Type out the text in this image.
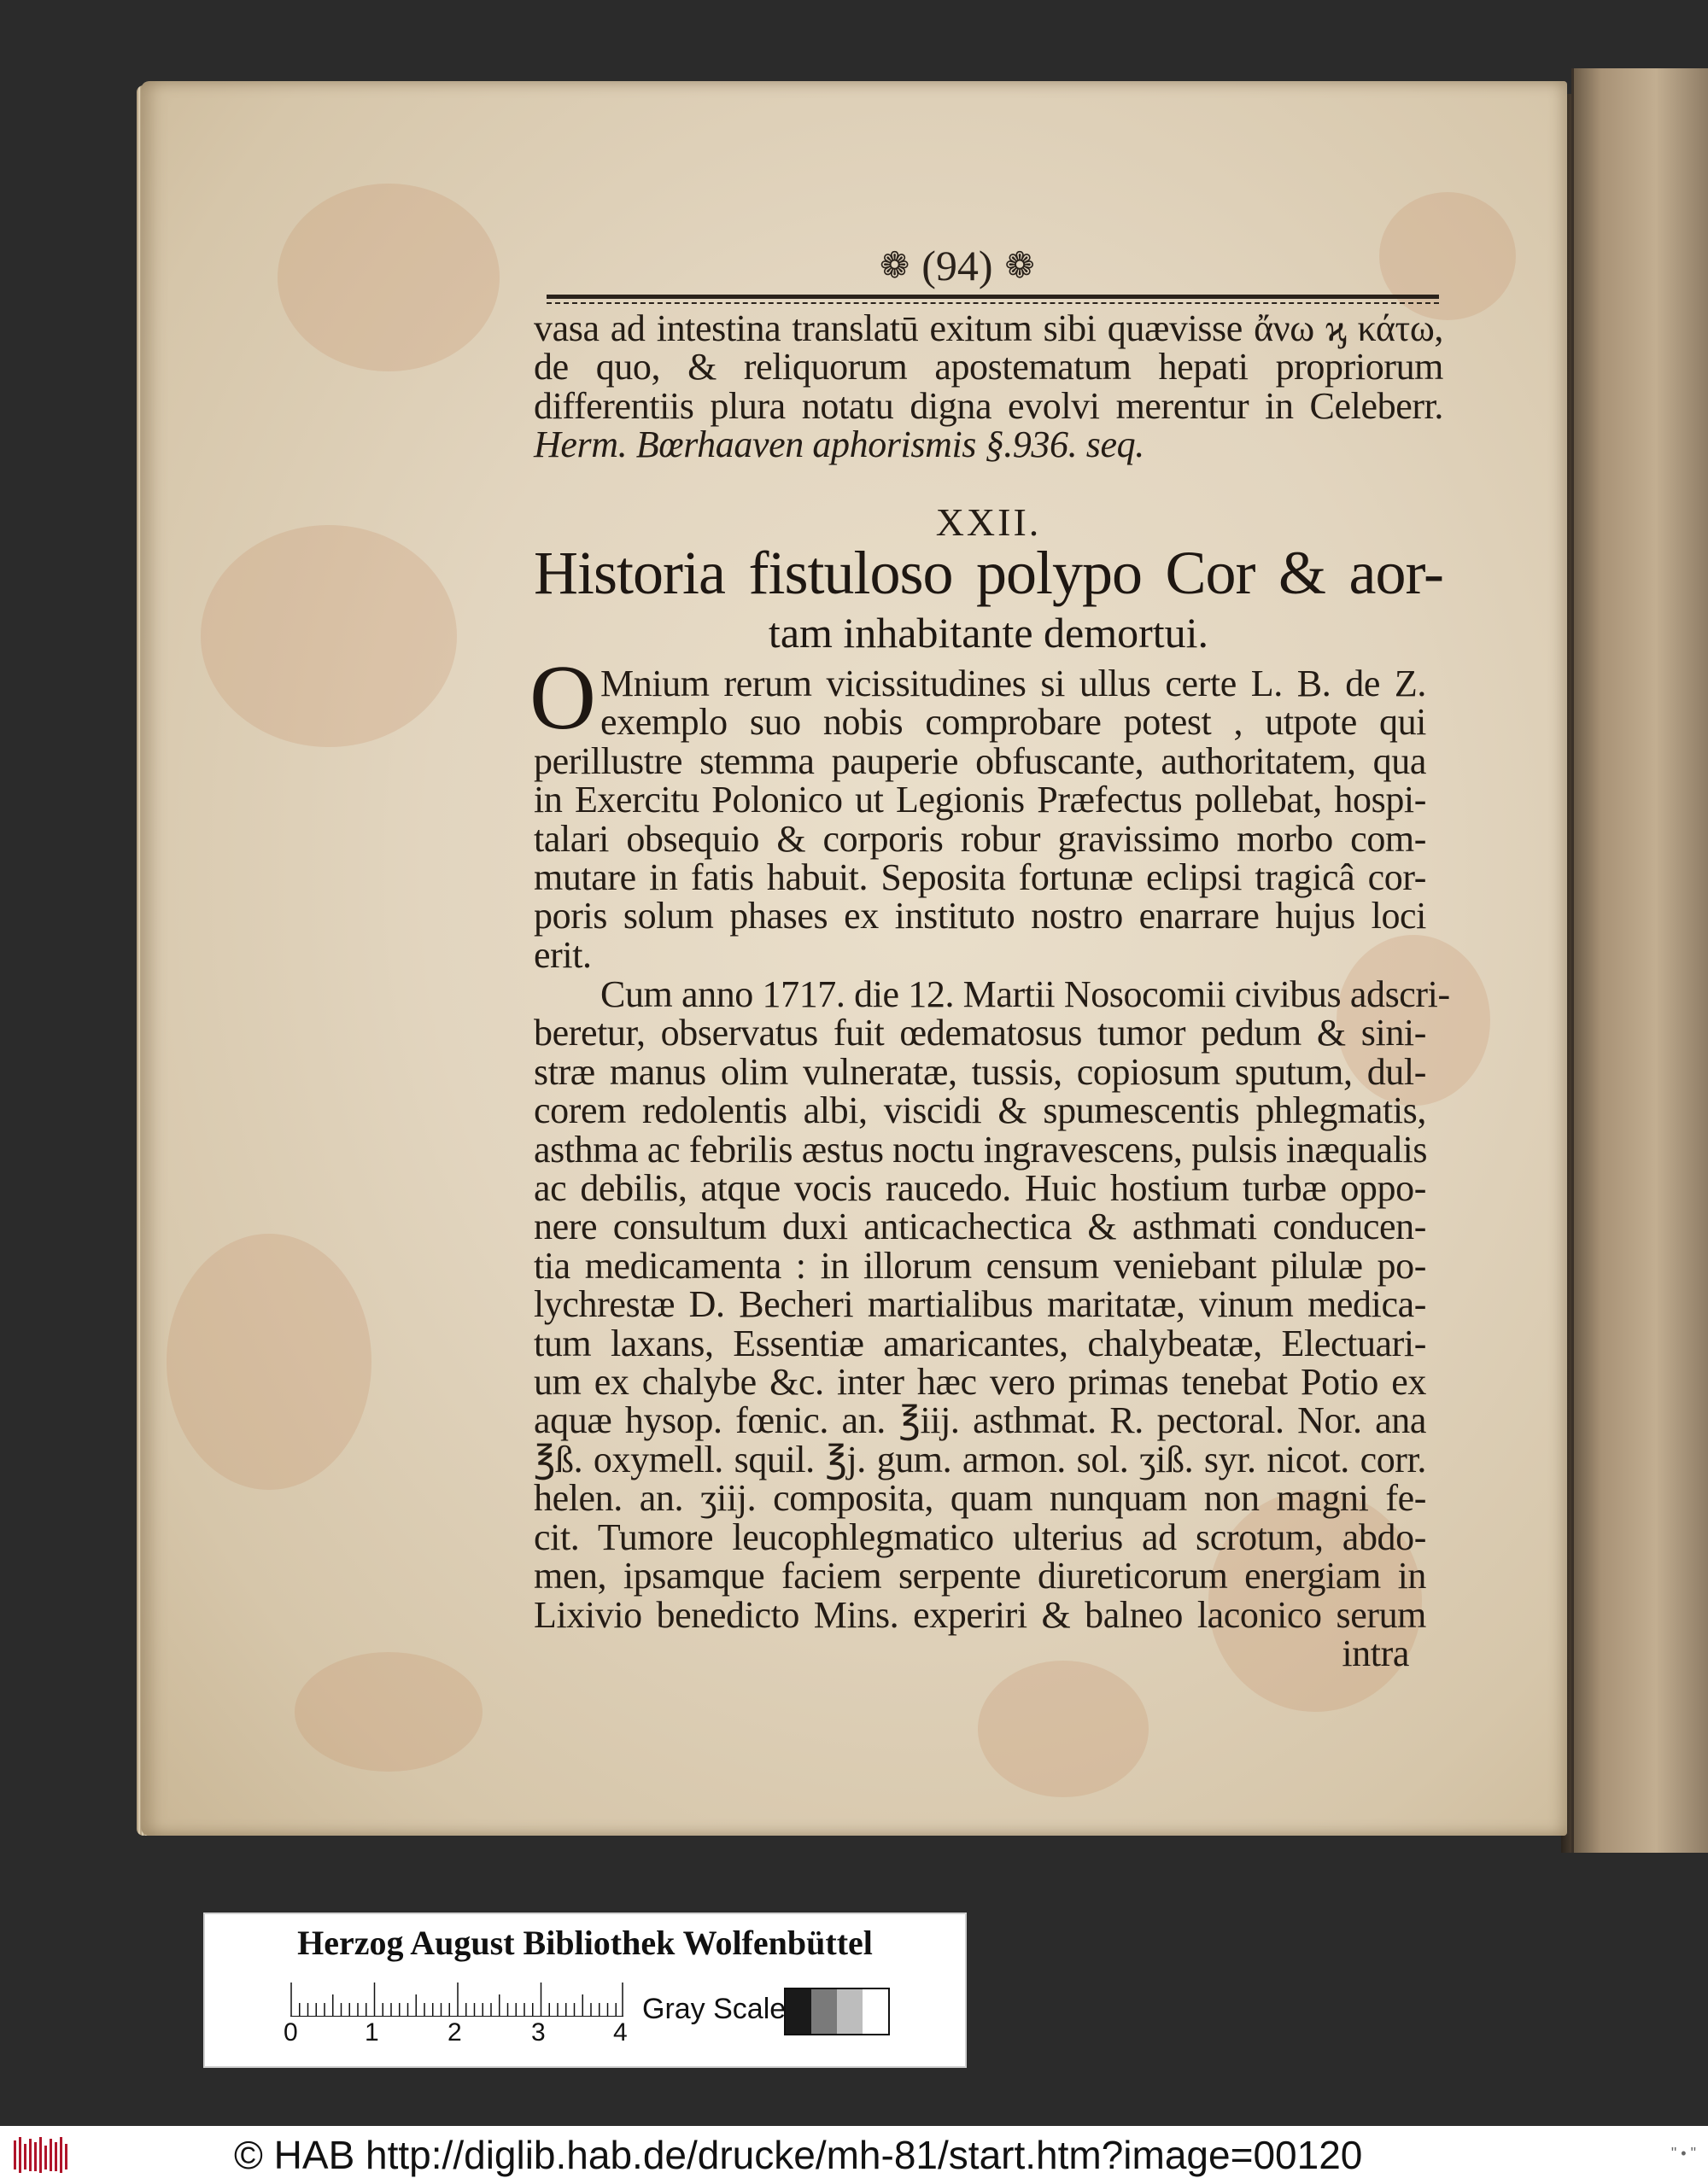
❁ (94) ❁
vasa ad intestina translatū exitum sibi quævisse ἄνω ϗ κάτω,
de quo, & reliquorum apostematum hepati propriorum
differentiis plura notatu digna evolvi merentur in Celeberr.
Herm. Bœrhaaven aphorismis §.936. seq.
XXII.
Historia fistuloso polypo Cor & aor-
tam inhabitante demortui.
O Mnium rerum vicissitudines si ullus certe L. B. de Z.
exemplo suo nobis comprobare potest , utpote qui
perillustre stemma pauperie obfuscante, authoritatem, qua
in Exercitu Polonico ut Legionis Præfectus pollebat, hospi-
talari obsequio & corporis robur gravissimo morbo com-
mutare in fatis habuit. Seposita fortunæ eclipsi tragicâ cor-
poris solum phases ex instituto nostro enarrare hujus loci
erit.
Cum anno 1717. die 12. Martii Nosocomii civibus adscri-
beretur, observatus fuit œdematosus tumor pedum & sini-
stræ manus olim vulneratæ, tussis, copiosum sputum, dul-
corem redolentis albi, viscidi & spumescentis phlegmatis,
asthma ac febrilis æstus noctu ingravescens, pulsis inæqualis
ac debilis, atque vocis raucedo. Huic hostium turbæ oppo-
nere consultum duxi anticachectica & asthmati conducen-
tia medicamenta : in illorum censum veniebant pilulæ po-
lychrestæ D. Becheri martialibus maritatæ, vinum medica-
tum laxans, Essentiæ amaricantes, chalybeatæ, Electuari-
um ex chalybe &c. inter hæc vero primas tenebat Potio ex
aquæ hysop. fœnic. an. ℥iij. asthmat. R. pectoral. Nor. ana
℥ß. oxymell. squil. ℥j. gum. armon. sol. ʒiß. syr. nicot. corr.
helen. an. ʒiij. composita, quam nunquam non magni fe-
cit. Tumore leucophlegmatico ulterius ad scrotum, abdo-
men, ipsamque faciem serpente diureticorum energiam in
Lixivio benedicto Mins. experiri & balneo laconico serum
intra
Herzog August Bibliothek Wolfenbüttel
0	1	2	3	4
Gray Scale
© HAB http://diglib.hab.de/drucke/mh-81/start.htm?image=00120	" • "
